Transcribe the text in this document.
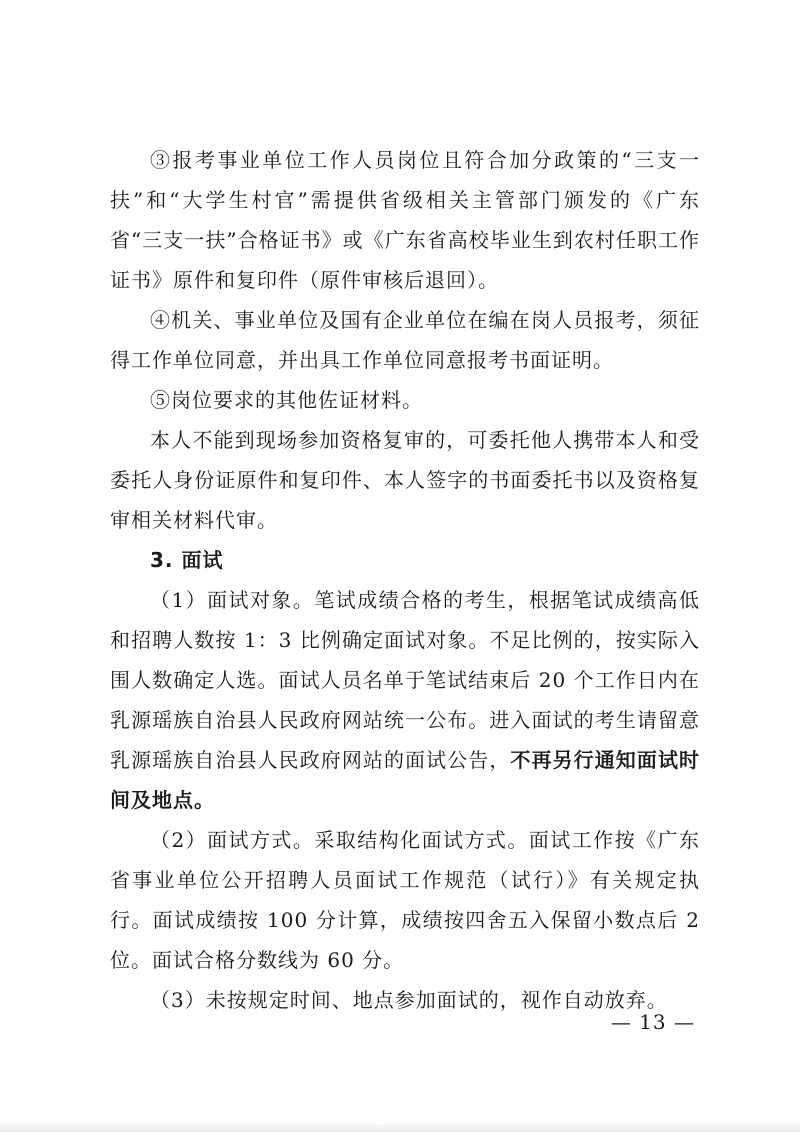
③报考事业单位工作人员岗位且符合加分政策的“三支一扶”和“大学生村官”需提供省级相关主管部门颁发的《广东省“三支一扶”合格证书》或《广东省高校毕业生到农村任职工作证书》原件和复印件（原件审核后退回）。

④机关、事业单位及国有企业单位在编在岗人员报考，须征得工作单位同意，并出具工作单位同意报考书面证明。

⑤岗位要求的其他佐证材料。

本人不能到现场参加资格复审的，可委托他人携带本人和受委托人身份证原件和复印件、本人签字的书面委托书以及资格复审相关材料代审。

3. 面试

（1）面试对象。笔试成绩合格的考生，根据笔试成绩高低和招聘人数按 1：3 比例确定面试对象。不足比例的，按实际入围人数确定人选。面试人员名单于笔试结束后 20 个工作日内在乳源瑶族自治县人民政府网站统一公布。进入面试的考生请留意乳源瑶族自治县人民政府网站的面试公告，不再另行通知面试时间及地点。

（2）面试方式。采取结构化面试方式。面试工作按《广东省事业单位公开招聘人员面试工作规范（试行）》有关规定执行。面试成绩按 100 分计算，成绩按四舍五入保留小数点后 2 位。面试合格分数线为 60 分。

（3）未按规定时间、地点参加面试的，视作自动放弃。

— 13 —
